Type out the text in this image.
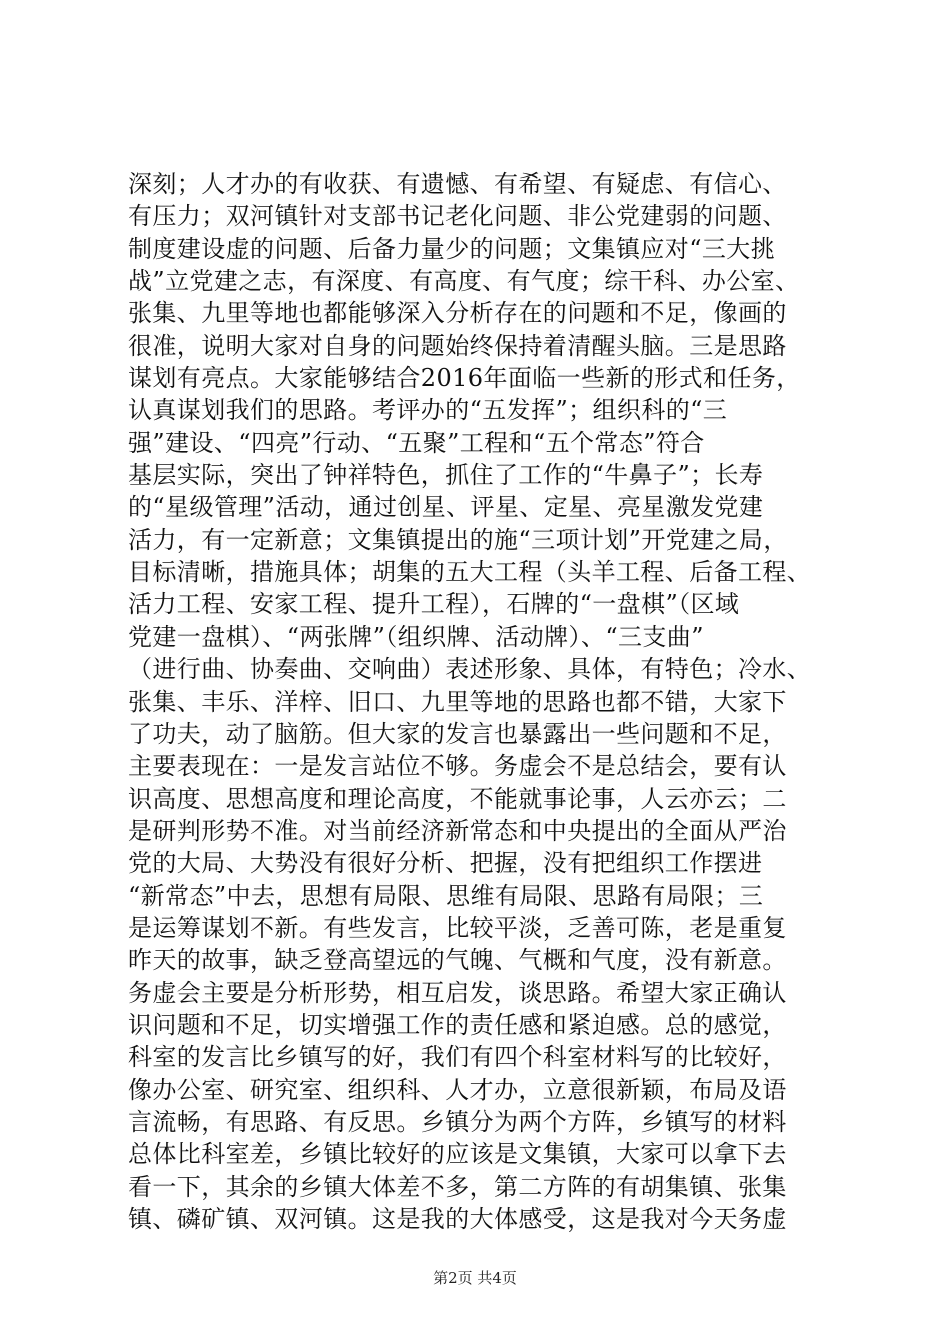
深刻；人才办的有收获、有遗憾、有希望、有疑虑、有信心、
有压力；双河镇针对支部书记老化问题、非公党建弱的问题、
制度建设虚的问题、后备力量少的问题；文集镇应对“三大挑
战”立党建之志，有深度、有高度、有气度；综干科、办公室、
张集、九里等地也都能够深入分析存在的问题和不足，像画的
很准，说明大家对自身的问题始终保持着清醒头脑。三是思路
谋划有亮点。大家能够结合2016年面临一些新的形式和任务，
认真谋划我们的思路。考评办的“五发挥”；组织科的“三
强”建设、“四亮”行动、“五聚”工程和“五个常态”符合
基层实际，突出了钟祥特色，抓住了工作的“牛鼻子”；长寿
的“星级管理”活动，通过创星、评星、定星、亮星激发党建
活力，有一定新意；文集镇提出的施“三项计划”开党建之局，
目标清晰，措施具体；胡集的五大工程（头羊工程、后备工程、
活力工程、安家工程、提升工程），石牌的“一盘棋”（区域
党建一盘棋）、“两张牌”（组织牌、活动牌）、“三支曲”
（进行曲、协奏曲、交响曲）表述形象、具体，有特色；冷水、
张集、丰乐、洋梓、旧口、九里等地的思路也都不错，大家下
了功夫，动了脑筋。但大家的发言也暴露出一些问题和不足，
主要表现在：一是发言站位不够。务虚会不是总结会，要有认
识高度、思想高度和理论高度，不能就事论事，人云亦云；二
是研判形势不准。对当前经济新常态和中央提出的全面从严治
党的大局、大势没有很好分析、把握，没有把组织工作摆进
“新常态”中去，思想有局限、思维有局限、思路有局限；三
是运筹谋划不新。有些发言，比较平淡，乏善可陈，老是重复
昨天的故事，缺乏登高望远的气魄、气概和气度，没有新意。
务虚会主要是分析形势，相互启发，谈思路。希望大家正确认
识问题和不足，切实增强工作的责任感和紧迫感。总的感觉，
科室的发言比乡镇写的好，我们有四个科室材料写的比较好，
像办公室、研究室、组织科、人才办，立意很新颖，布局及语
言流畅，有思路、有反思。乡镇分为两个方阵，乡镇写的材料
总体比科室差，乡镇比较好的应该是文集镇，大家可以拿下去
看一下，其余的乡镇大体差不多，第二方阵的有胡集镇、张集
镇、磷矿镇、双河镇。这是我的大体感受，这是我对今天务虚
第2页 共4页
